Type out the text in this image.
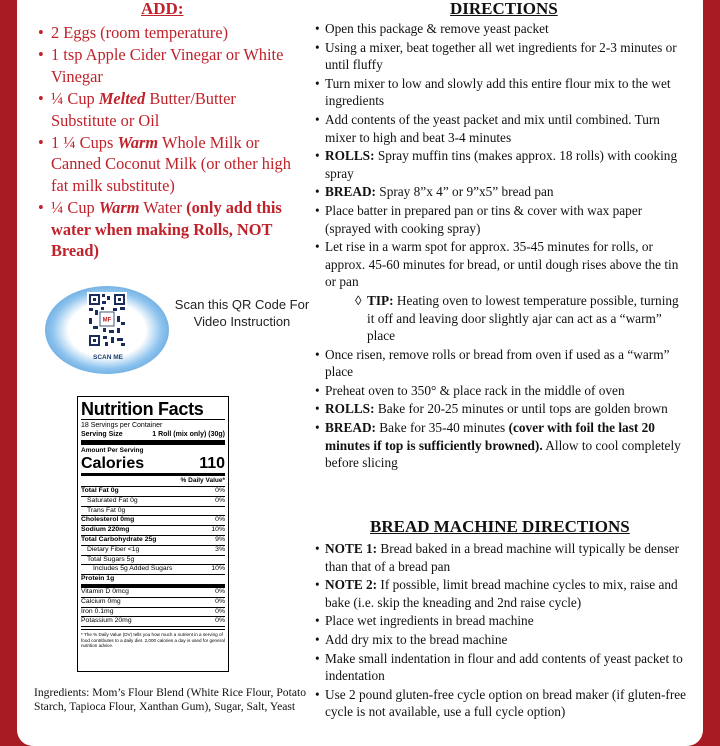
ADD:
• 2 Eggs (room temperature)
• 1 tsp Apple Cider Vinegar or White Vinegar
• ¼ Cup Melted Butter/Butter Substitute or Oil
• 1 ¼ Cups Warm Whole Milk or Canned Coconut Milk (or other high fat milk substitute)
• ¼ Cup Warm Water (only add this water when making Rolls, NOT Bread)
MF
SCAN ME
Scan this QR Code For Video Instruction
Nutrition Facts
18 Servings per Container
Serving Size	1 Roll (mix only) (30g)
Amount Per Serving
Calories	110
% Daily Value*
Total Fat 0g	0%
Saturated Fat 0g	0%
Trans Fat 0g
Cholesterol 0mg	0%
Sodium 220mg	10%
Total Carbohydrate 25g	9%
Dietary Fiber <1g	3%
Total Sugars 5g
Includes 5g Added Sugars	10%
Protein 1g
Vitamin D 0mcg	0%
Calcium 0mg	0%
Iron 0.1mg	0%
Potassium 20mg	0%
* The % Daily Value (DV) tells you how much a nutrient in a serving of food contributes to a daily diet. 2,000 calories a day is used for general nutrition advice.
Ingredients: Mom’s Flour Blend (White Rice Flour, Potato Starch, Tapioca Flour, Xanthan Gum), Sugar, Salt, Yeast
DIRECTIONS
• Open this package & remove yeast packet
• Using a mixer, beat together all wet ingredients for 2-3 minutes or until fluffy
• Turn mixer to low and slowly add this entire flour mix to the wet ingredients
• Add contents of the yeast packet and mix until combined. Turn mixer to high and beat 3-4 minutes
• ROLLS: Spray muffin tins (makes approx. 18 rolls) with cooking spray
• BREAD: Spray 8”x 4” or 9”x5” bread pan
• Place batter in prepared pan or tins & cover with wax paper (sprayed with cooking spray)
• Let rise in a warm spot for approx. 35-45 minutes for rolls, or approx. 45-60 minutes for bread, or until dough rises above the tin or pan
◊ TIP: Heating oven to lowest temperature possible, turning it off and leaving door slightly ajar can act as a “warm” place
• Once risen, remove rolls or bread from oven if used as a “warm” place
• Preheat oven to 350° & place rack in the middle of oven
• ROLLS: Bake for 20-25 minutes or until tops are golden brown
• BREAD: Bake for 35-40 minutes (cover with foil the last 20 minutes if top is sufficiently browned). Allow to cool completely before slicing
BREAD MACHINE DIRECTIONS
• NOTE 1: Bread baked in a bread machine will typically be denser than that of a bread pan
• NOTE 2: If possible, limit bread machine cycles to mix, raise and bake (i.e. skip the kneading and 2nd raise cycle)
• Place wet ingredients in bread machine
• Add dry mix to the bread machine
• Make small indentation in flour and add contents of yeast packet to indentation
• Use 2 pound gluten-free cycle option on bread maker (if gluten-free cycle is not available, use a full cycle option)
